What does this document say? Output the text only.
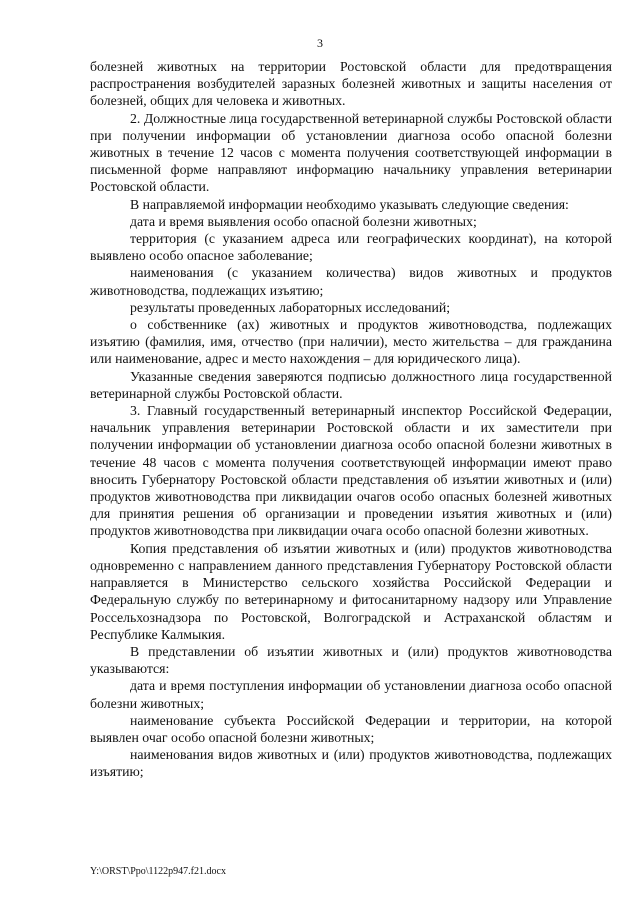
3

болезней животных на территории Ростовской области для предотвращения распространения возбудителей заразных болезней животных и защиты населения от болезней, общих для человека и животных.

2. Должностные лица государственной ветеринарной службы Ростовской области при получении информации об установлении диагноза особо опасной болезни животных в течение 12 часов с момента получения соответствующей информации в письменной форме направляют информацию начальнику управления ветеринарии Ростовской области.

В направляемой информации необходимо указывать следующие сведения:

дата и время выявления особо опасной болезни животных;

территория (с указанием адреса или географических координат), на которой выявлено особо опасное заболевание;

наименования (с указанием количества) видов животных и продуктов животноводства, подлежащих изъятию;

результаты проведенных лабораторных исследований;

о собственнике (ах) животных и продуктов животноводства, подлежащих изъятию (фамилия, имя, отчество (при наличии), место жительства – для гражданина или наименование, адрес и место нахождения – для юридического лица).

Указанные сведения заверяются подписью должностного лица государственной ветеринарной службы Ростовской области.

3. Главный государственный ветеринарный инспектор Российской Федерации, начальник управления ветеринарии Ростовской области и их заместители при получении информации об установлении диагноза особо опасной болезни животных в течение 48 часов с момента получения соответствующей информации имеют право вносить Губернатору Ростовской области представления об изъятии животных и (или) продуктов животноводства при ликвидации очагов особо опасных болезней животных для принятия решения об организации и проведении изъятия животных и (или) продуктов животноводства при ликвидации очага особо опасной болезни животных.

Копия представления об изъятии животных и (или) продуктов животноводства одновременно с направлением данного представления Губернатору Ростовской области направляется в Министерство сельского хозяйства Российской Федерации и Федеральную службу по ветеринарному и фитосанитарному надзору или Управление Россельхознадзора по Ростовской, Волгоградской и Астраханской областям и Республике Калмыкия.

В представлении об изъятии животных и (или) продуктов животноводства указываются:

дата и время поступления информации об установлении диагноза особо опасной болезни животных;

наименование субъекта Российской Федерации и территории, на которой выявлен очаг особо опасной болезни животных;

наименования видов животных и (или) продуктов животноводства, подлежащих изъятию;

Y:\ORST\Ppo\1122p947.f21.docx
